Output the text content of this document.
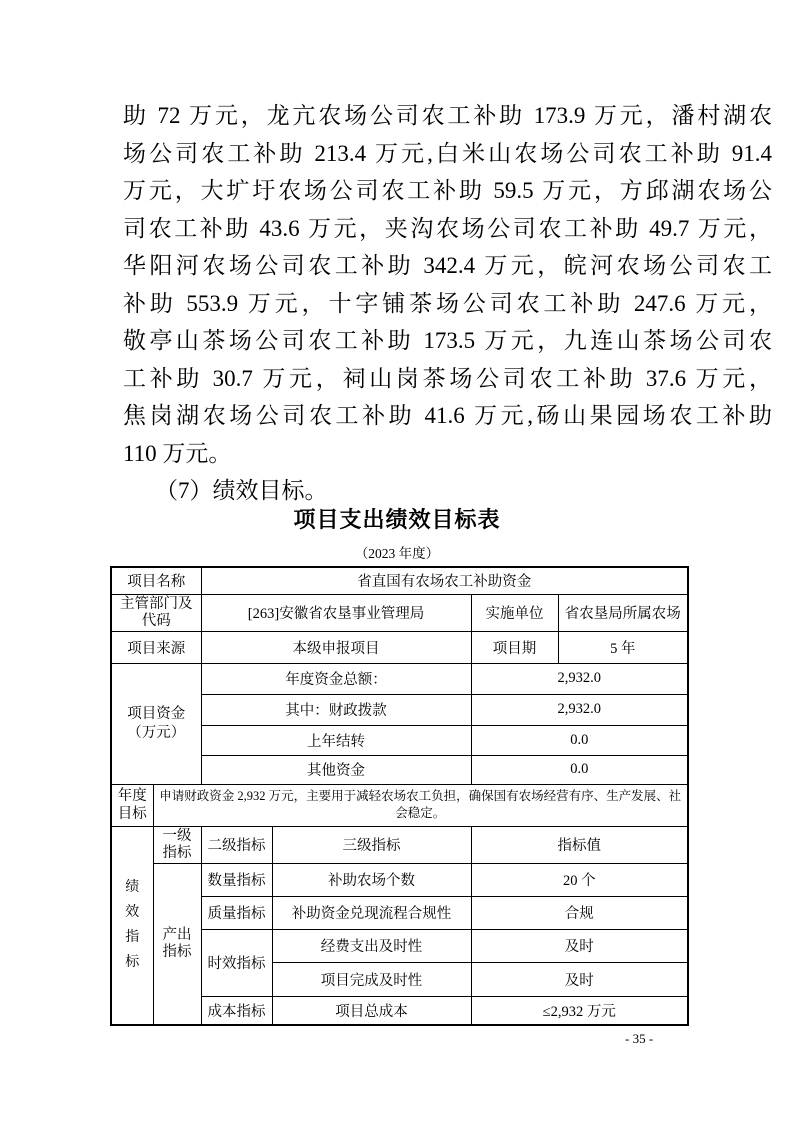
助 72 万元，龙亢农场公司农工补助 173.9 万元，潘村湖农
场公司农工补助 213.4 万元,白米山农场公司农工补助 91.4
万元，大圹圩农场公司农工补助 59.5 万元，方邱湖农场公
司农工补助 43.6 万元，夹沟农场公司农工补助 49.7 万元，
华阳河农场公司农工补助 342.4 万元，皖河农场公司农工
补助 553.9 万元，十字铺茶场公司农工补助 247.6 万元，
敬亭山茶场公司农工补助 173.5 万元，九连山茶场公司农
工补助 30.7 万元，祠山岗茶场公司农工补助 37.6 万元，
焦岗湖农场公司农工补助 41.6 万元,砀山果园场农工补助
110 万元。
（7）绩效目标。
项目支出绩效目标表
（2023 年度）
项目名称		省直国有农场农工补助资金			
主管部门及代码		[263]安徽省农垦事业管理局		实施单位	省农垦局所属农场
项目来源		本级申报项目		项目期	5 年

项目资金
（万元）		年度资金总额：		2,932.0	
		其中：财政拨款		2,932.0	
		上年结转		0.0	
		其他资金		0.0	
年度目标	申请财政资金 2,932 万元，主要用于减轻农场农工负担，确保国有农场经营有序、生产发展、社会稳定。				

绩效指标	一级指标	二级指标	三级指标	指标值	
	产出指标	数量指标	补助农场个数	20 个	
		质量指标	补助资金兑现流程合规性	合规	
		时效指标	经费支出及时性	及时	
			项目完成及时性	及时	
		成本指标	项目总成本	≤2,932 万元	
- 35 -
